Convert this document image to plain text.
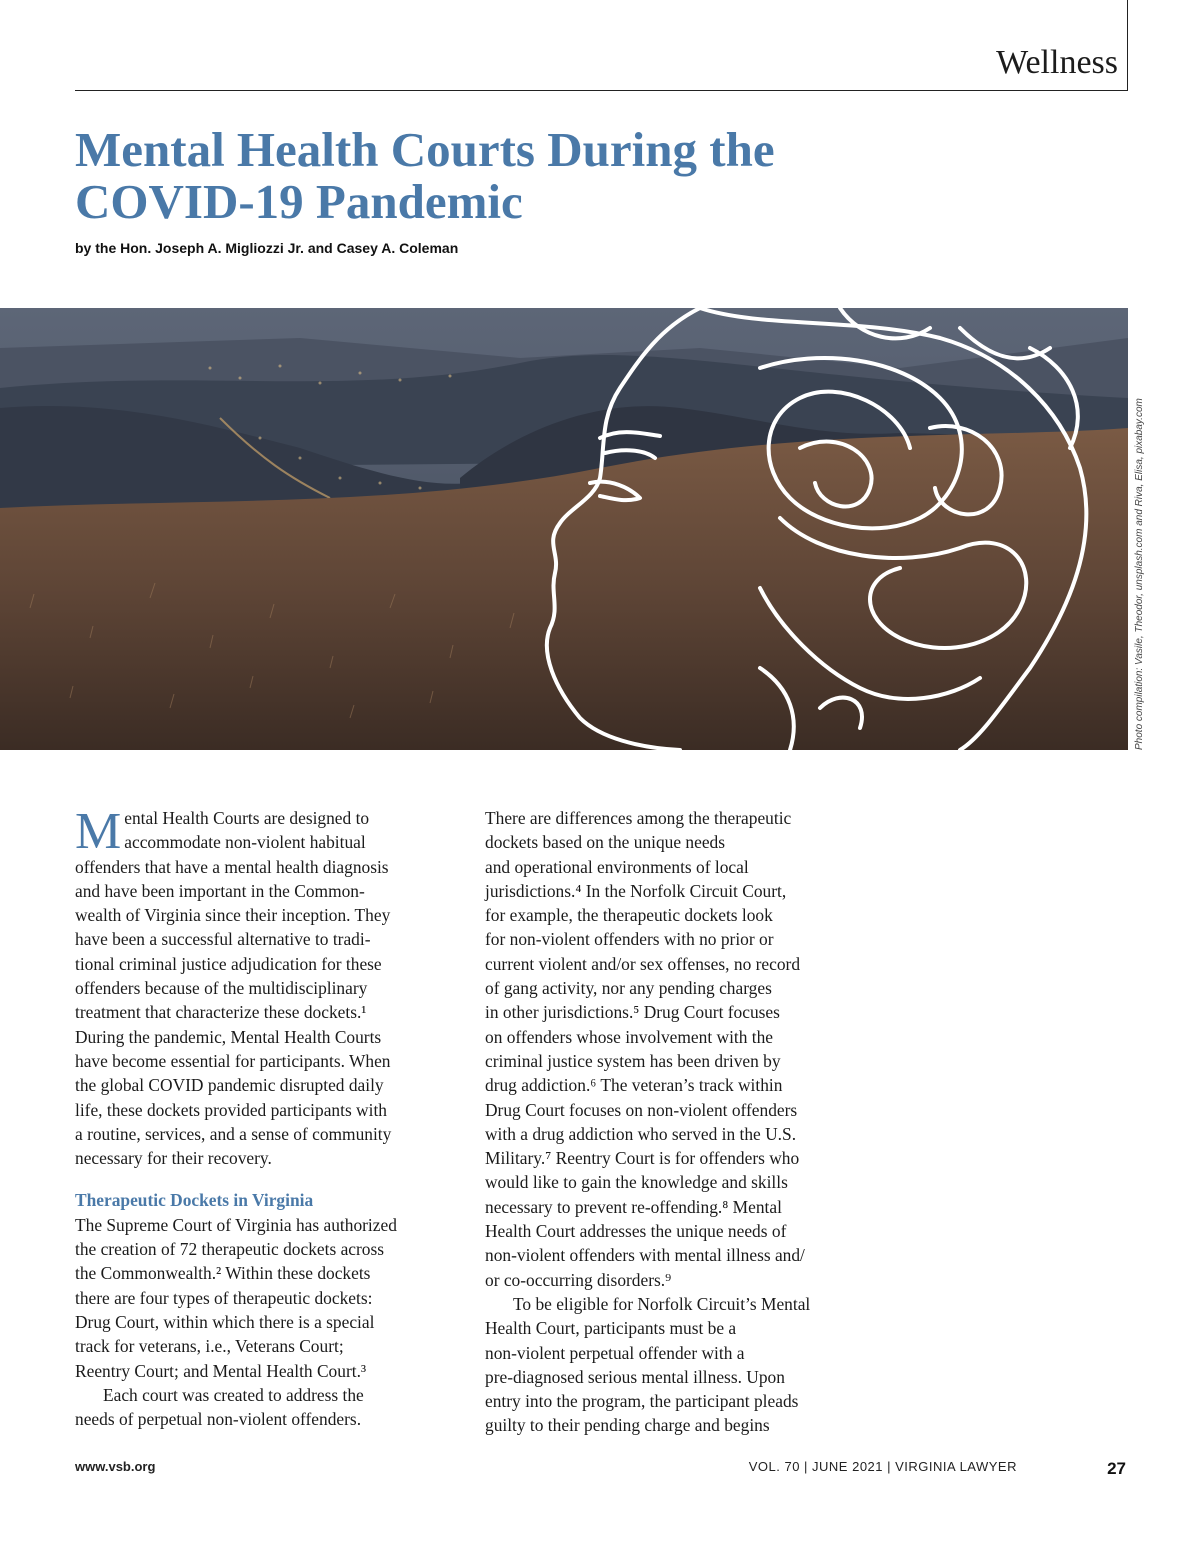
Wellness
Mental Health Courts During the
COVID-19 Pandemic
by the Hon. Joseph A. Migliozzi Jr. and Casey A. Coleman
Photo compilation: Vasile, Theodor, unsplash.com and Riva, Elisa, pixabay.com
M ental Health Courts are designed to
accommodate non-violent habitual
offenders that have a mental health diagnosis
and have been important in the Common-
wealth of Virginia since their inception. They
have been a successful alternative to tradi-
tional criminal justice adjudication for these
offenders because of the multidisciplinary
treatment that characterize these dockets.¹
During the pandemic, Mental Health Courts
have become essential for participants. When
the global COVID pandemic disrupted daily
life, these dockets provided participants with
a routine, services, and a sense of community
necessary for their recovery.
Therapeutic Dockets in Virginia
The Supreme Court of Virginia has authorized
the creation of 72 therapeutic dockets across
the Commonwealth.² Within these dockets
there are four types of therapeutic dockets:
Drug Court, within which there is a special
track for veterans, i.e., Veterans Court;
Reentry Court; and Mental Health Court.³
Each court was created to address the
needs of perpetual non-violent offenders.
There are differences among the therapeutic
dockets based on the unique needs
and operational environments of local
jurisdictions.⁴ In the Norfolk Circuit Court,
for example, the therapeutic dockets look
for non-violent offenders with no prior or
current violent and/or sex offenses, no record
of gang activity, nor any pending charges
in other jurisdictions.⁵ Drug Court focuses
on offenders whose involvement with the
criminal justice system has been driven by
drug addiction.⁶ The veteran’s track within
Drug Court focuses on non-violent offenders
with a drug addiction who served in the U.S.
Military.⁷ Reentry Court is for offenders who
would like to gain the knowledge and skills
necessary to prevent re-offending.⁸ Mental
Health Court addresses the unique needs of
non-violent offenders with mental illness and/
or co-occurring disorders.⁹
To be eligible for Norfolk Circuit’s Mental
Health Court, participants must be a
non-violent perpetual offender with a
pre-diagnosed serious mental illness. Upon
entry into the program, the participant pleads
guilty to their pending charge and begins
www.vsb.org	VOL. 70 | JUNE 2021 | VIRGINIA LAWYER	27
